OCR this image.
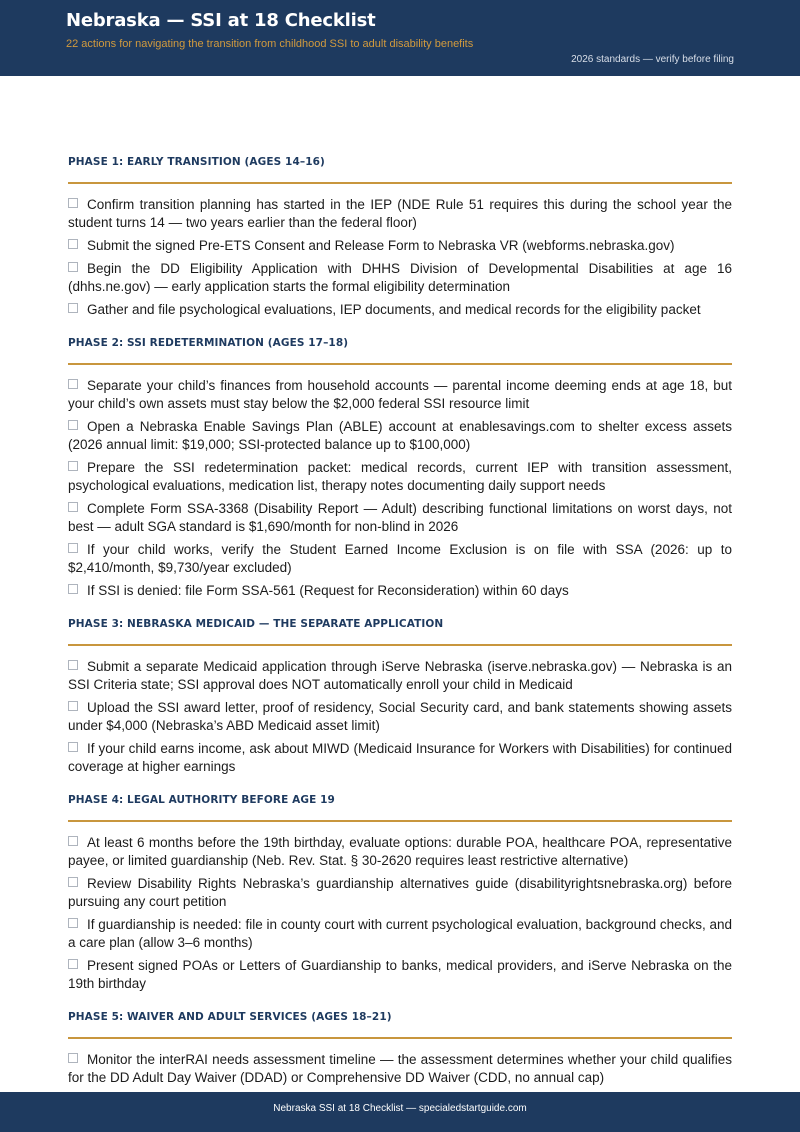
Nebraska — SSI at 18 Checklist
22 actions for navigating the transition from childhood SSI to adult disability benefits
2026 standards — verify before filing
PHASE 1: EARLY TRANSITION (AGES 14–16)
Confirm transition planning has started in the IEP (NDE Rule 51 requires this during the school year the student turns 14 — two years earlier than the federal floor)
Submit the signed Pre-ETS Consent and Release Form to Nebraska VR (webforms.nebraska.gov)
Begin the DD Eligibility Application with DHHS Division of Developmental Disabilities at age 16 (dhhs.ne.gov) — early application starts the formal eligibility determination
Gather and file psychological evaluations, IEP documents, and medical records for the eligibility packet
PHASE 2: SSI REDETERMINATION (AGES 17–18)
Separate your child’s finances from household accounts — parental income deeming ends at age 18, but your child’s own assets must stay below the $2,000 federal SSI resource limit
Open a Nebraska Enable Savings Plan (ABLE) account at enablesavings.com to shelter excess assets (2026 annual limit: $19,000; SSI-protected balance up to $100,000)
Prepare the SSI redetermination packet: medical records, current IEP with transition assessment, psychological evaluations, medication list, therapy notes documenting daily support needs
Complete Form SSA-3368 (Disability Report — Adult) describing functional limitations on worst days, not best — adult SGA standard is $1,690/month for non-blind in 2026
If your child works, verify the Student Earned Income Exclusion is on file with SSA (2026: up to $2,410/month, $9,730/year excluded)
If SSI is denied: file Form SSA-561 (Request for Reconsideration) within 60 days
PHASE 3: NEBRASKA MEDICAID — THE SEPARATE APPLICATION
Submit a separate Medicaid application through iServe Nebraska (iserve.nebraska.gov) — Nebraska is an SSI Criteria state; SSI approval does NOT automatically enroll your child in Medicaid
Upload the SSI award letter, proof of residency, Social Security card, and bank statements showing assets under $4,000 (Nebraska’s ABD Medicaid asset limit)
If your child earns income, ask about MIWD (Medicaid Insurance for Workers with Disabilities) for continued coverage at higher earnings
PHASE 4: LEGAL AUTHORITY BEFORE AGE 19
At least 6 months before the 19th birthday, evaluate options: durable POA, healthcare POA, representative payee, or limited guardianship (Neb. Rev. Stat. § 30-2620 requires least restrictive alternative)
Review Disability Rights Nebraska’s guardianship alternatives guide (disabilityrightsnebraska.org) before pursuing any court petition
If guardianship is needed: file in county court with current psychological evaluation, background checks, and a care plan (allow 3–6 months)
Present signed POAs or Letters of Guardianship to banks, medical providers, and iServe Nebraska on the 19th birthday
PHASE 5: WAIVER AND ADULT SERVICES (AGES 18–21)
Monitor the interRAI needs assessment timeline — the assessment determines whether your child qualifies for the DD Adult Day Waiver (DDAD) or Comprehensive DD Waiver (CDD, no annual cap)
Nebraska SSI at 18 Checklist — specialedstartguide.com
